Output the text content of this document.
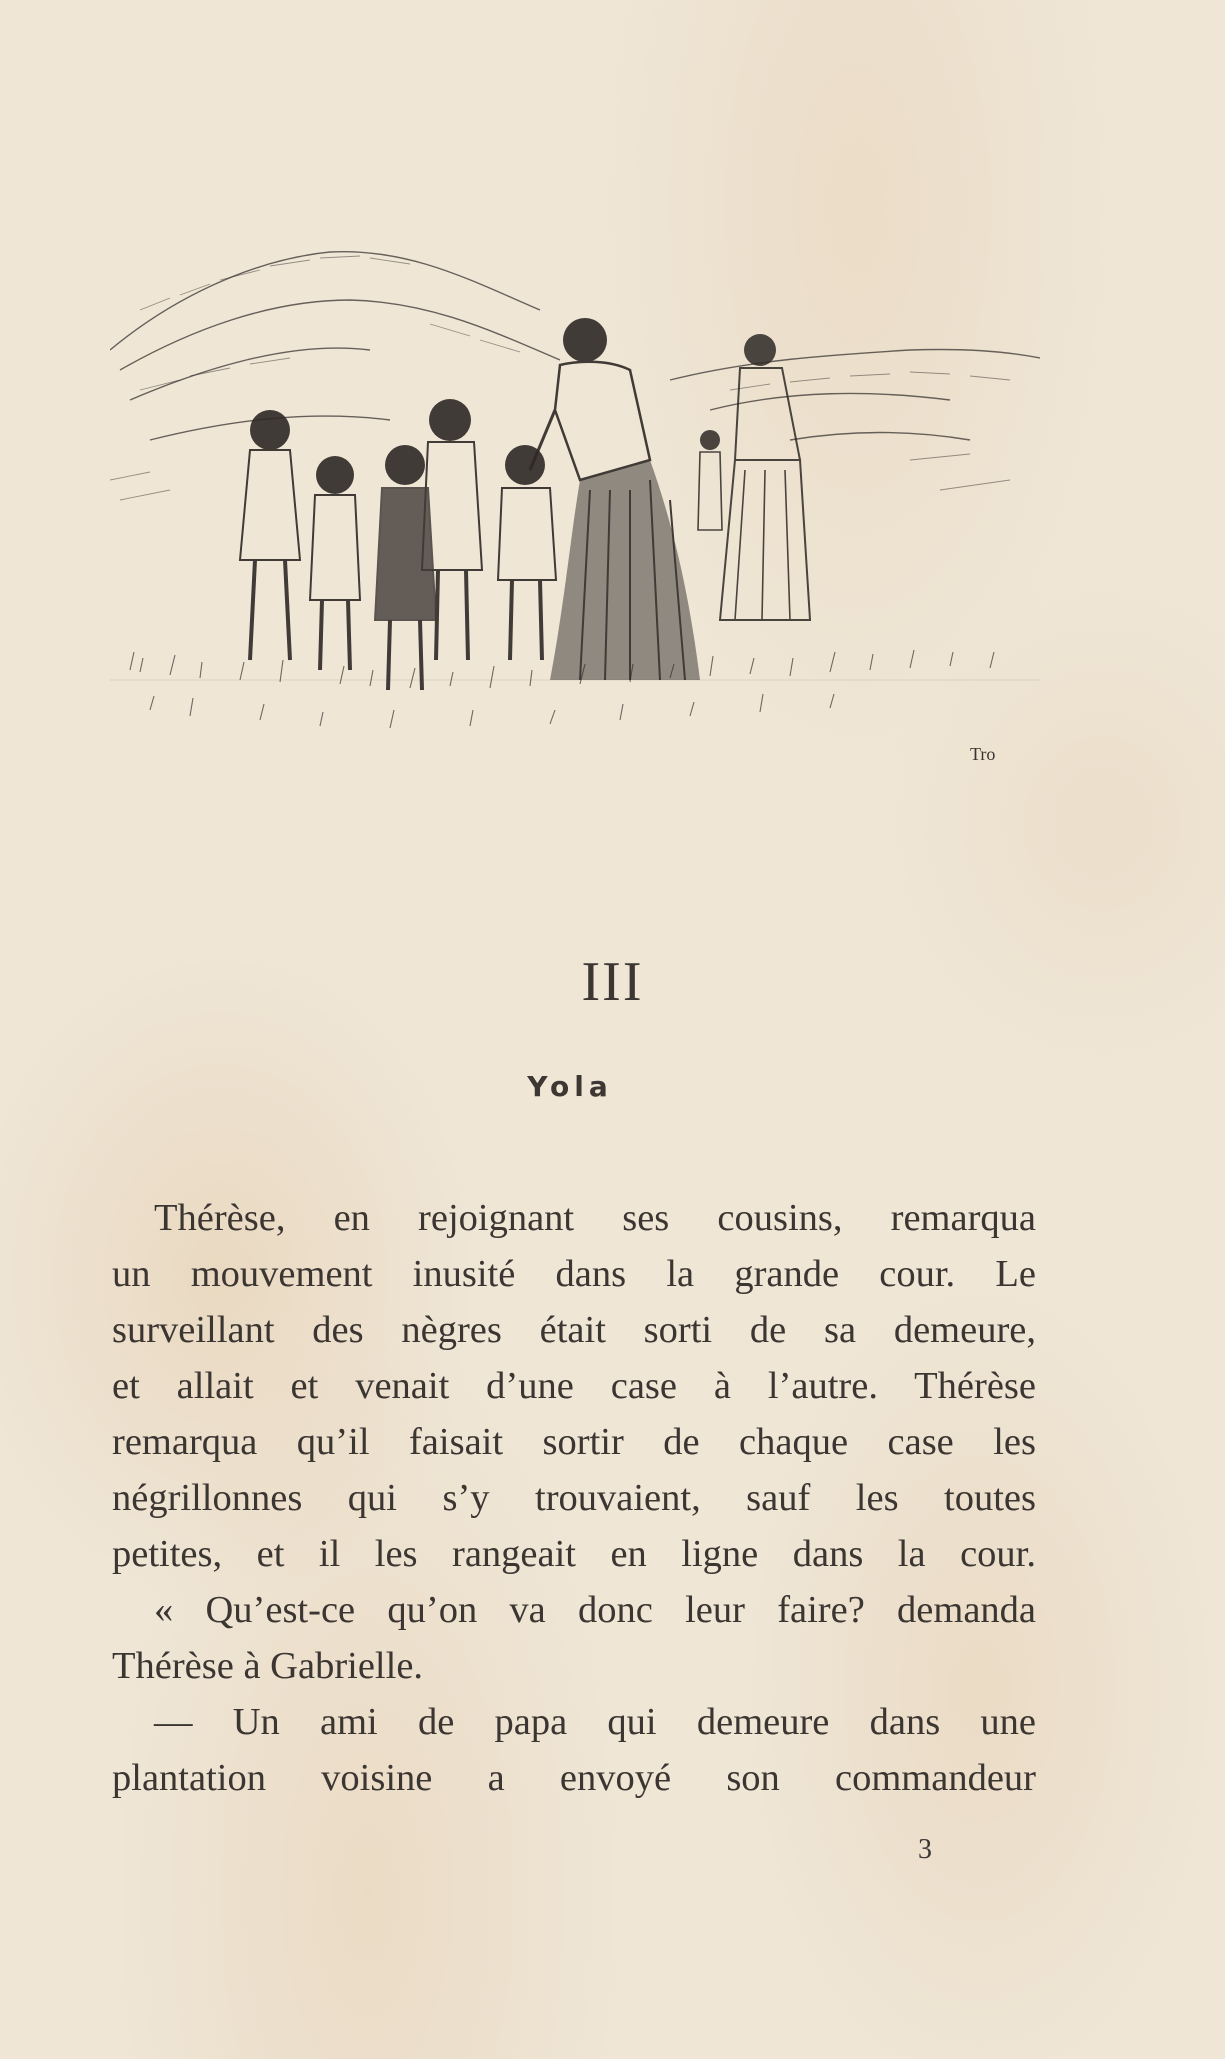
Tro
III
Yola
Thérèse, en rejoignant ses cousins, remarqua
un mouvement inusité dans la grande cour. Le
surveillant des nègres était sorti de sa demeure,
et allait et venait d’une case à l’autre. Thérèse
remarqua qu’il faisait sortir de chaque case les
négrillonnes qui s’y trouvaient, sauf les toutes
petites, et il les rangeait en ligne dans la cour.
« Qu’est-ce qu’on va donc leur faire? demanda
Thérèse à Gabrielle.
— Un ami de papa qui demeure dans une
plantation voisine a envoyé son commandeur
3
